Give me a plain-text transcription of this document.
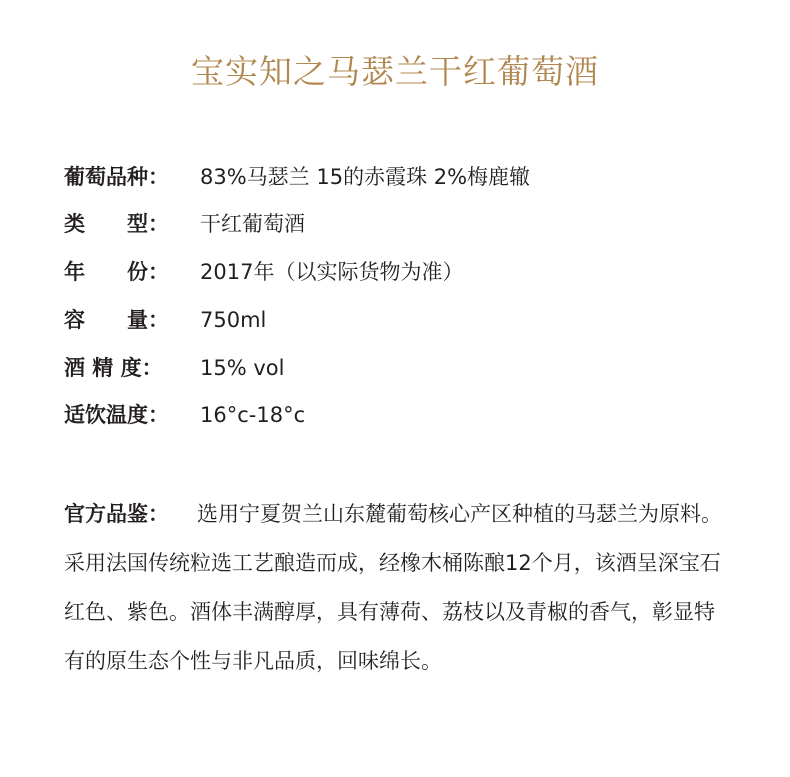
宝实知之马瑟兰干红葡萄酒
葡萄品种：	83%马瑟兰 15的赤霞珠 2%梅鹿辙
类　　型：	干红葡萄酒
年　　份：	2017年（以实际货物为准）
容　　量：	750ml
酒 精 度：	15% vol
适饮温度：	16°c-18°c
官方品鉴： 选用宁夏贺兰山东麓葡萄核心产区种植的马瑟兰为原料。采用法国传统粒选工艺酿造而成，经橡木桶陈酿12个月，该酒呈深宝石红色、紫色。酒体丰满醇厚，具有薄荷、荔枝以及青椒的香气，彰显特有的原生态个性与非凡品质，回味绵长。
